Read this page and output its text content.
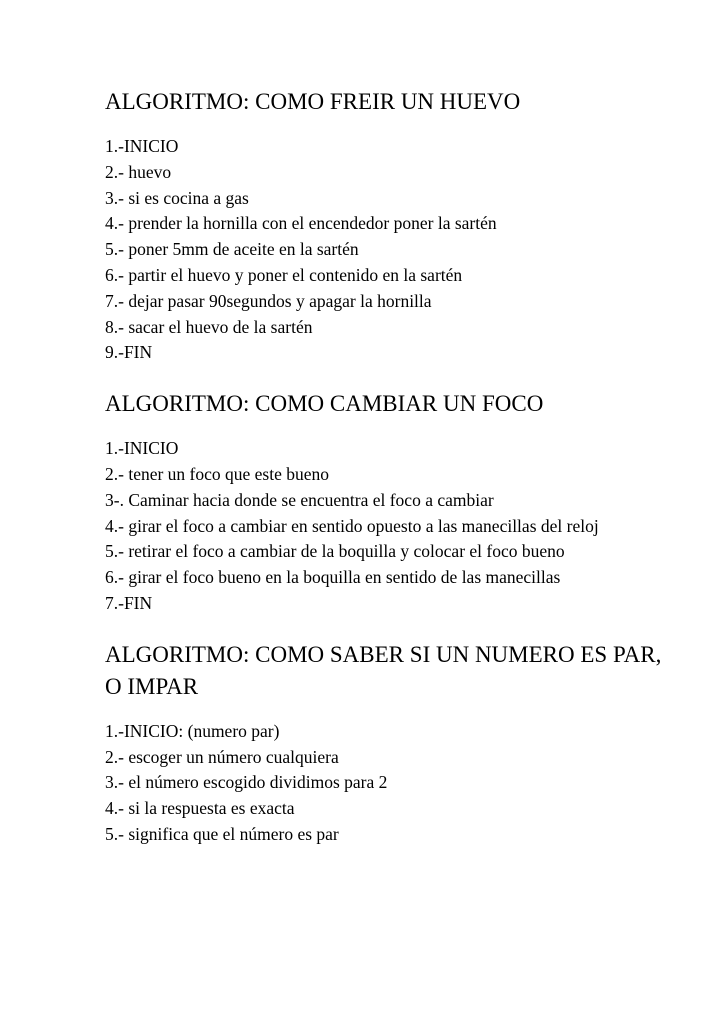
ALGORITMO: COMO FREIR UN HUEVO
1.-INICIO
2.- huevo
3.- si es cocina a gas
4.- prender la hornilla con el encendedor poner la sartén
5.- poner 5mm de aceite en la sartén
6.- partir el huevo y poner el contenido en la sartén
7.- dejar pasar 90segundos y apagar la hornilla
8.- sacar el huevo de la sartén
9.-FIN
ALGORITMO: COMO CAMBIAR UN FOCO
1.-INICIO
2.- tener un foco que este bueno
3-. Caminar hacia donde se encuentra el foco a cambiar
4.- girar el foco a cambiar en sentido opuesto a las manecillas del reloj
5.- retirar el foco a cambiar de la boquilla y colocar el foco bueno
6.- girar el foco bueno en la boquilla en sentido de las manecillas
7.-FIN
ALGORITMO: COMO SABER SI UN NUMERO ES PAR, O IMPAR
1.-INICIO: (numero par)
2.- escoger un número cualquiera
3.- el número escogido dividimos para 2
4.- si la respuesta es exacta
5.- significa que el número es par
